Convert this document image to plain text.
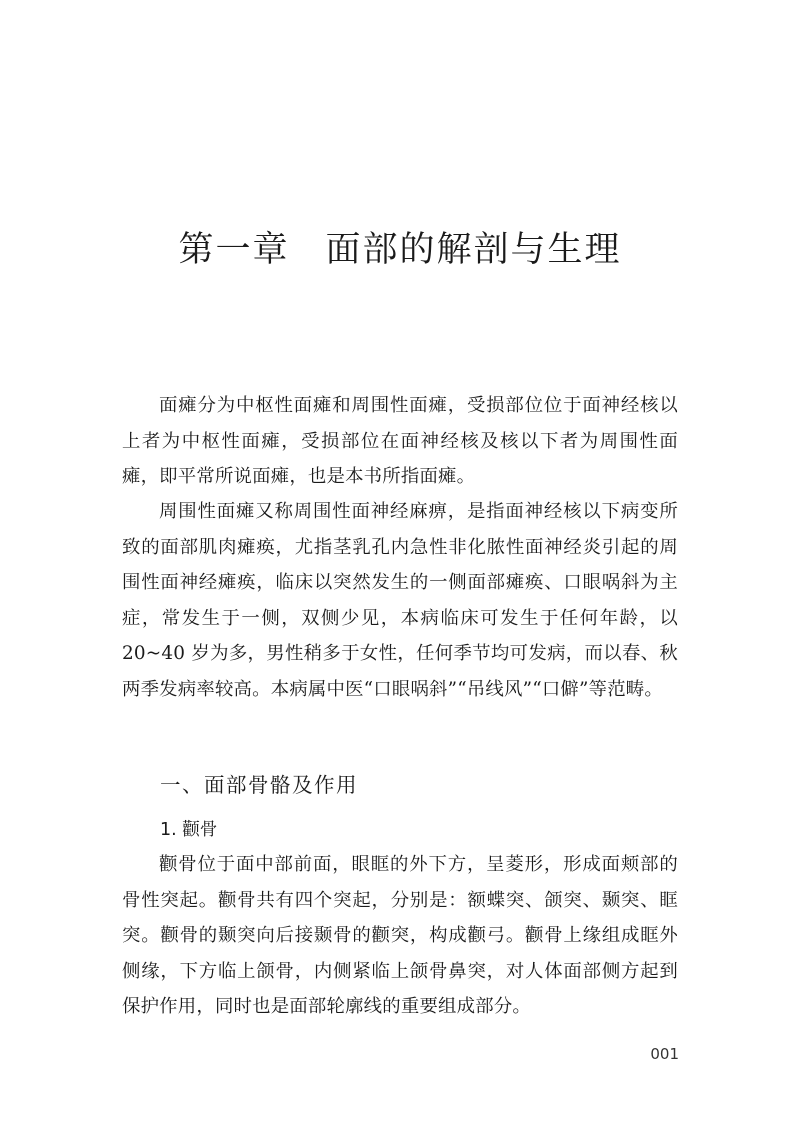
第一章 面部的解剖与生理

面瘫分为中枢性面瘫和周围性面瘫，受损部位位于面神经核以上者为中枢性面瘫，受损部位在面神经核及核以下者为周围性面瘫，即平常所说面瘫，也是本书所指面瘫。

周围性面瘫又称周围性面神经麻痹，是指面神经核以下病变所致的面部肌肉瘫痪，尤指茎乳孔内急性非化脓性面神经炎引起的周围性面神经瘫痪，临床以突然发生的一侧面部瘫痪、口眼㖞斜为主症，常发生于一侧，双侧少见，本病临床可发生于任何年龄，以 20~40 岁为多，男性稍多于女性，任何季节均可发病，而以春、秋两季发病率较高。本病属中医“口眼㖞斜”“吊线风”“口僻”等范畴。

一、面部骨骼及作用
1. 颧骨

颧骨位于面中部前面，眼眶的外下方，呈菱形，形成面颊部的骨性突起。颧骨共有四个突起，分别是：额蝶突、颌突、颞突、眶突。颧骨的颞突向后接颞骨的颧突，构成颧弓。颧骨上缘组成眶外侧缘，下方临上颌骨，内侧紧临上颌骨鼻突，对人体面部侧方起到保护作用，同时也是面部轮廓线的重要组成部分。

001
